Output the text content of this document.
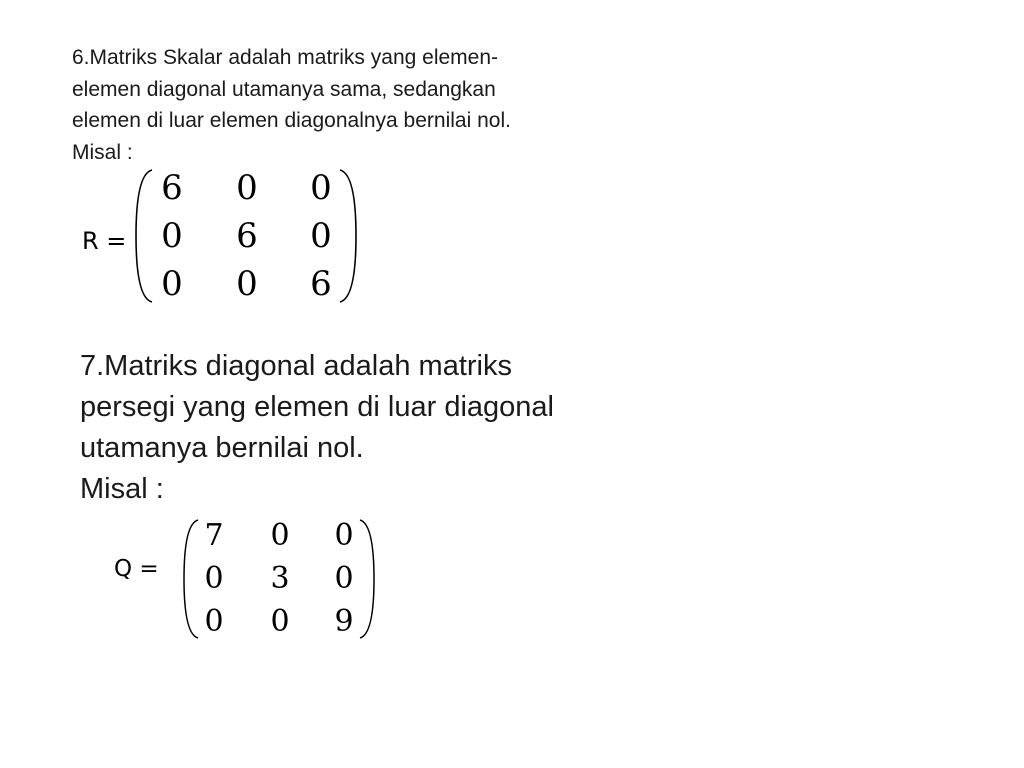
6.Matriks Skalar adalah matriks yang elemen-
elemen diagonal utamanya sama, sedangkan
elemen di luar elemen diagonalnya bernilai nol.
Misal :
R =
6 0 0
0 6 0
0 0 6
7.Matriks diagonal adalah matriks
persegi yang elemen di luar diagonal
utamanya bernilai nol.
Misal :
Q =
7 0 0
0 3 0
0 0 9
